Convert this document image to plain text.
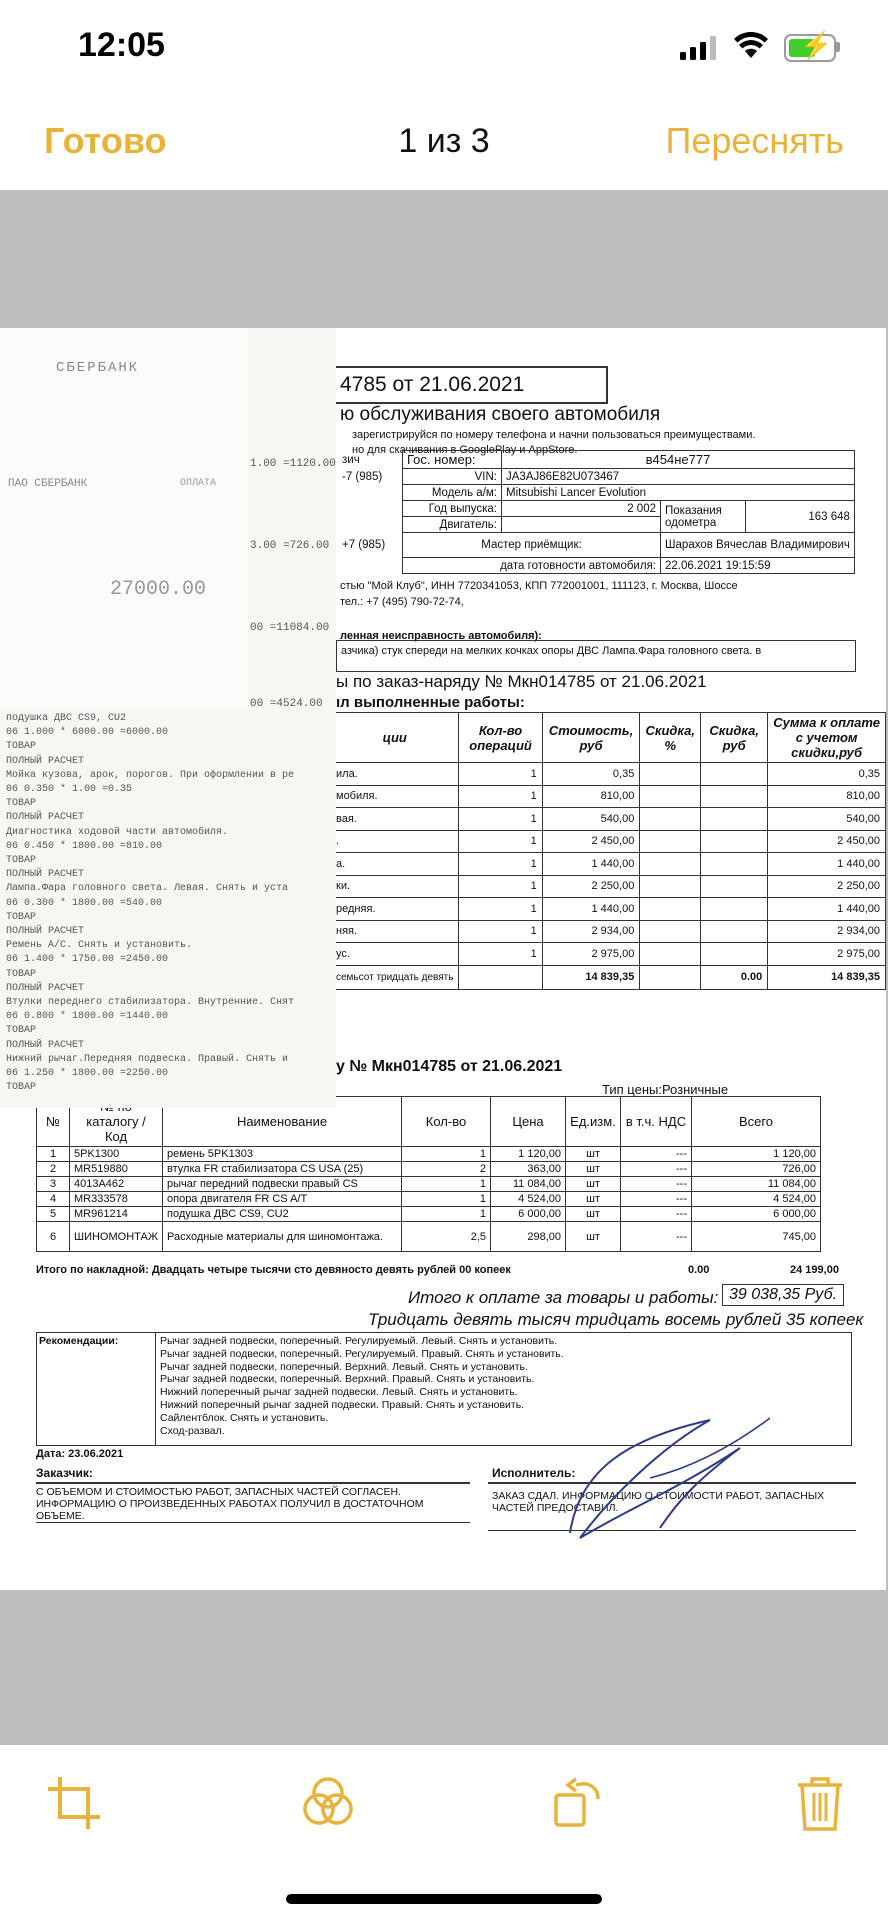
12:05	⚡
Готово	1 из 3	Переснять
4785 от 21.06.2021
ю обслуживания своего автомобиля
зарегистрируйся по номеру телефона и начни пользоваться преимуществами.
но для скачивания в GooglePlay и AppStore.
зич	Гос. номер:	в454не777		
-7 (985)	VIN:	JA3AJ86E82U073467		
	Модель а/м:	Mitsubishi Lancer Evolution		
	Год выпуска:	2 002	Показания одометра	163 648
	Двигатель:			
+7 (985)	Мастер приёмщик:		Шарахов Вячеслав Владимирович	
	дата готовности автомобиля:		22.06.2021 19:15:59	
стью "Мой Клуб", ИНН 7720341053, КПП 772001001, 111123, г. Москва, Шоссе
тел.: +7 (495) 790-72-74,
ленная неисправность автомобиля):
азчика) стук спереди на мелких кочках опоры ДВС Лампа.Фара головного света. в
ы по заказ-наряду № Мкн014785 от 21.06.2021
ıл выполненные работы:
ции	Кол-во операций	Стоимость, руб	Скидка, %	Скидка, руб	Сумма к оплате с учетом скидки,руб
ила.	1	0,35			0,35
мобиля.	1	810,00			810,00
вая.	1	540,00			540,00
.	1	2 450,00			2 450,00
а.	1	1 440,00			1 440,00
ки.	1	2 250,00			2 250,00
редняя.	1	1 440,00			1 440,00
няя.	1	2 934,00			2 934,00
ус.	1	2 975,00			2 975,00
семьсот тридцать девять		14 839,35		0.00	14 839,35
у № Мкн014785 от 21.06.2021
Тип цены:Розничные
№	каталогу / Код	Наименование	Кол-во	Цена	Ед.изм.	в т.ч. НДС	Всего
1	5PK1300	ремень 5PK1303	1	1 120,00	шт	---	1 120,00
2	MR519880	втулка FR стабилизатора CS USA (25)	2	363,00	шт	---	726,00
3	4013A462	рычаг передний подвески правый CS	1	11 084,00	шт	---	11 084,00
4	MR333578	опора двигателя FR CS A/T	1	4 524,00	шт	---	4 524,00
5	MR961214	подушка ДВС CS9, CU2	1	6 000,00	шт	---	6 000,00
6	ШИНОМОНТАЖ	Расходные материалы для шиномонтажа.	2,5	298,00	шт	---	745,00
Итого по накладной: Двадцать четыре тысячи сто девяносто девять рублей 00 копеек	0.00	24 199,00
Итого к оплате за товары и работы: 39 038,35 Руб.
Тридцать девять тысяч тридцать восемь рублей 35 копеек
Рекомендации:	Рычаг задней подвески, поперечный. Регулируемый. Левый. Снять и установить.
Рычаг задней подвески, поперечный. Регулируемый. Правый. Снять и установить.
Рычаг задней подвески, поперечный. Верхний. Левый. Снять и установить.
Рычаг задней подвески, поперечный. Верхний. Правый. Снять и установить.
Нижний поперечный рычаг задней подвески. Левый. Снять и установить.
Нижний поперечный рычаг задней подвески. Правый. Снять и установить.
Сайлентблок. Снять и установить.
Сход-развал.
Дата: 23.06.2021
Заказчик:
С ОБЪЕМОМ И СТОИМОСТЬЮ РАБОТ, ЗАПАСНЫХ ЧАСТЕЙ СОГЛАСЕН. ИНФОРМАЦИЮ О ПРОИЗВЕДЕННЫХ РАБОТАХ ПОЛУЧИЛ В ДОСТАТОЧНОМ ОБЪЕМЕ.
Исполнитель:
ЗАКАЗ СДАЛ. ИНФОРМАЦИЮ О СТОИМОСТИ РАБОТ, ЗАПАСНЫХ ЧАСТЕЙ ПРЕДОСТАВИЛ.
СБЕРБАНК
ПАО СБЕРБАНК	ОПЛАТА
27000.00
1.00 =1120.00
3.00 =726.00
00 =11084.00
00 =4524.00
подушка ДВС CS9, CU2
06 1.000 * 6000.00 =6000.00
ТОВАР
ПОЛНЫЙ РАСЧЕТ
Мойка кузова, арок, порогов. При оформлении в ре
06 0.350 * 1.00 =0.35
ТОВАР
ПОЛНЫЙ РАСЧЕТ
Диагностика ходовой части автомобиля.
06 0.450 * 1800.00 =810.00
ТОВАР
ПОЛНЫЙ РАСЧЕТ
Лампа.Фара головного света. Левая. Снять и уста
06 0.300 * 1800.00 =540.00
ТОВАР
ПОЛНЫЙ РАСЧЕТ
Ремень А/С. Снять и установить.
06 1.400 * 1750.00 =2450.00
ТОВАР
ПОЛНЫЙ РАСЧЕТ
Втулки переднего стабилизатора. Внутренние. Снят
06 0.800 * 1800.00 =1440.00
ТОВАР
ПОЛНЫЙ РАСЧЕТ
Нижний рычаг.Передняя подвеска. Правый. Снять и
06 1.250 * 1800.00 =2250.00
ТОВАР
